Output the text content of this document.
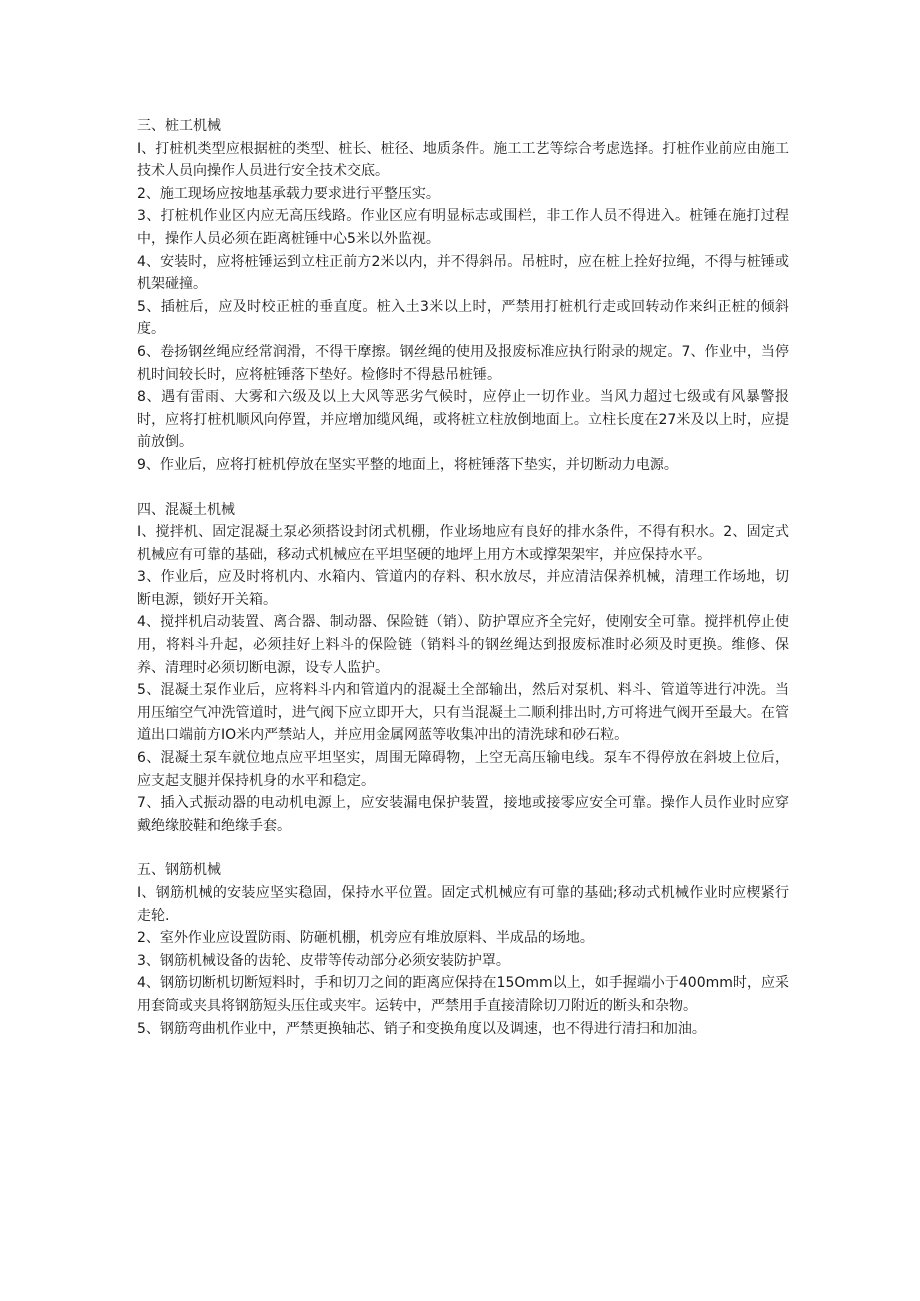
三、桩工机械

I、打桩机类型应根据桩的类型、桩长、桩径、地质条件。施工工艺等综合考虑选择。打桩作业前应由施工技术人员向操作人员进行安全技术交底。

2、施工现场应按地基承载力要求进行平整压实。

3、打桩机作业区内应无高压线路。作业区应有明显标志或围栏，非工作人员不得进入。桩锤在施打过程中，操作人员必须在距离桩锤中心5米以外监视。

4、安装时，应将桩锤运到立柱正前方2米以内，并不得斜吊。吊桩时，应在桩上拴好拉绳，不得与桩锤或机架碰撞。

5、插桩后，应及时校正桩的垂直度。桩入土3米以上时，严禁用打桩机行走或回转动作来纠正桩的倾斜度。

6、卷扬钢丝绳应经常润滑，不得干摩擦。钢丝绳的使用及报废标准应执行附录的规定。7、作业中，当停机时间较长时，应将桩锤落下垫好。检修时不得悬吊桩锤。

8、遇有雷雨、大雾和六级及以上大风等恶劣气候时，应停止一切作业。当风力超过七级或有风暴警报时，应将打桩机顺风向停置，并应增加缆风绳，或将桩立柱放倒地面上。立柱长度在27米及以上时，应提前放倒。

9、作业后，应将打桩机停放在坚实平整的地面上，将桩锤落下垫实，并切断动力电源。

四、混凝土机械

I、搅拌机、固定混凝土泵必须搭设封闭式机棚，作业场地应有良好的排水条件，不得有积水。2、固定式机械应有可靠的基础，移动式机械应在平坦坚硬的地坪上用方木或撑架架牢，并应保持水平。

3、作业后，应及时将机内、水箱内、管道内的存料、积水放尽，并应清洁保养机械，清理工作场地，切断电源，锁好开关箱。

4、搅拌机启动装置、离合器、制动器、保险链（销）、防护罩应齐全完好，使刚安全可靠。搅拌机停止使用，将料斗升起，必须挂好上料斗的保险链（销料斗的钢丝绳达到报废标准时必须及时更换。维修、保养、清理时必须切断电源，设专人监护。

5、混凝土泵作业后，应将料斗内和管道内的混凝土全部输出，然后对泵机、料斗、管道等进行冲洗。当用压缩空气冲洗管道时，进气阀下应立即开大，只有当混凝土二顺利排出时,方可将进气阀开至最大。在管道出口端前方IO米内严禁站人，并应用金属网蓝等收集冲出的清洗球和砂石粒。

6、混凝土泵车就位地点应平坦坚实，周围无障碍物，上空无高压输电线。泵车不得停放在斜坡上位后，应支起支腿并保持机身的水平和稳定。

7、插入式振动器的电动机电源上，应安装漏电保护装置，接地或接零应安全可靠。操作人员作业时应穿戴绝缘胶鞋和绝缘手套。

五、钢筋机械

I、钢筋机械的安装应坚实稳固，保持水平位置。固定式机械应有可靠的基础;移动式机械作业时应楔紧行走轮.

2、室外作业应设置防雨、防砸机棚，机旁应有堆放原料、半成品的场地。

3、钢筋机械设备的齿轮、皮带等传动部分必须安装防护罩。

4、钢筋切断机切断短料时，手和切刀之间的距离应保持在15Omm以上，如手握端小于400mm时，应采用套筒或夹具将钢筋短头压住或夹牢。运转中，严禁用手直接清除切刀附近的断头和杂物。

5、钢筋弯曲机作业中，严禁更换轴芯、销子和变换角度以及调速，也不得进行清扫和加油。
